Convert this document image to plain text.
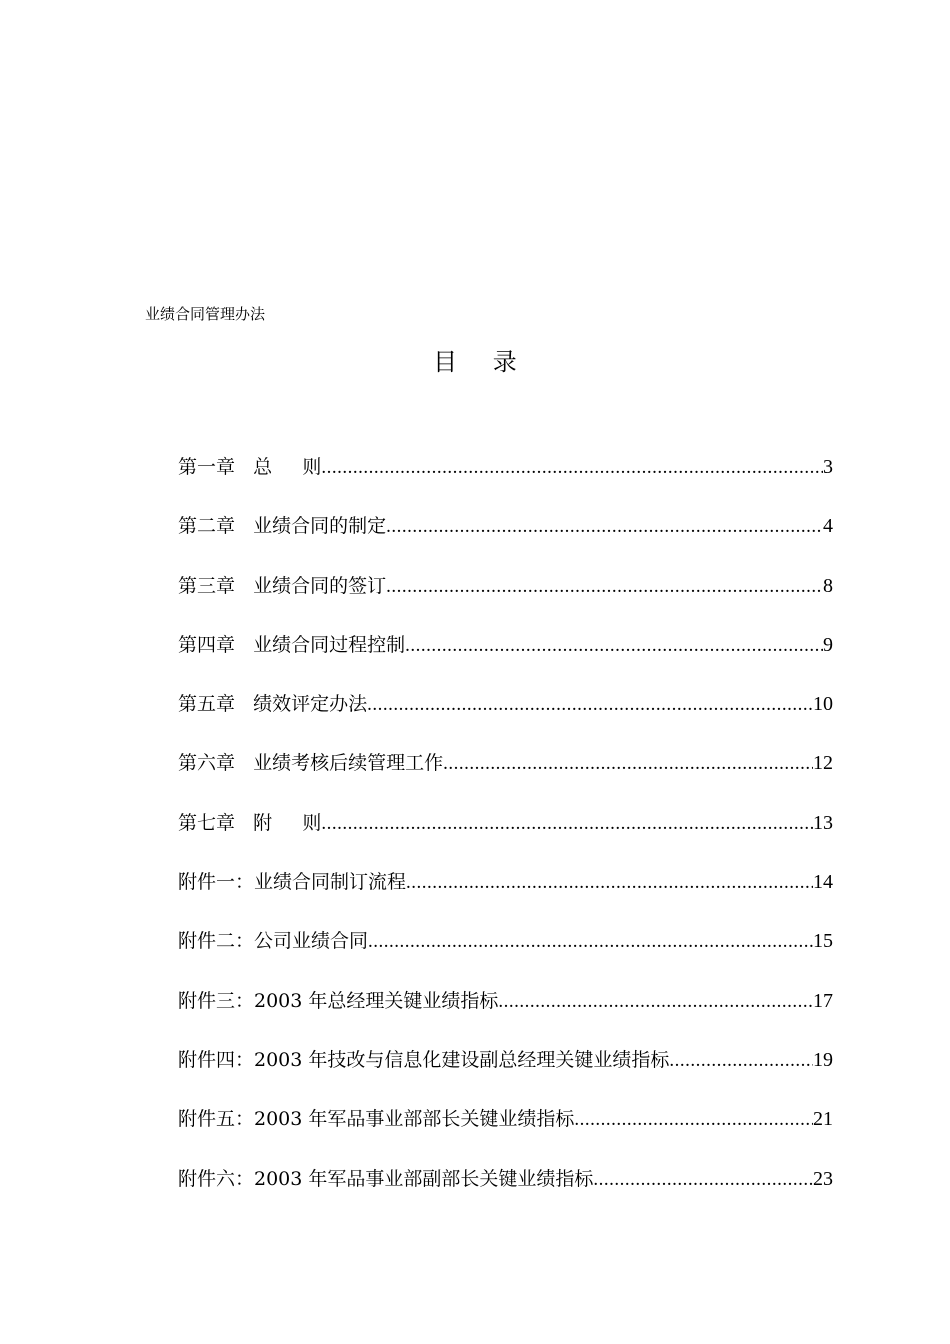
业绩合同管理办法
目 录
第一章   总     则 .....	3
第二章   业绩合同的制定 .....	4
第三章   业绩合同的签订 .....	8
第四章   业绩合同过程控制 .....	9
第五章   绩效评定办法 .....	10
第六章   业绩考核后续管理工作 .....	12
第七章   附     则 .....	13
附件一：业绩合同制订流程 .....	14
附件二：公司业绩合同 .....	15
附件三：2003 年总经理关键业绩指标 .....	17
附件四：2003 年技改与信息化建设副总经理关键业绩指标 .....	19
附件五：2003 年军品事业部部长关键业绩指标 .....	21
附件六：2003 年军品事业部副部长关键业绩指标 .....	23
